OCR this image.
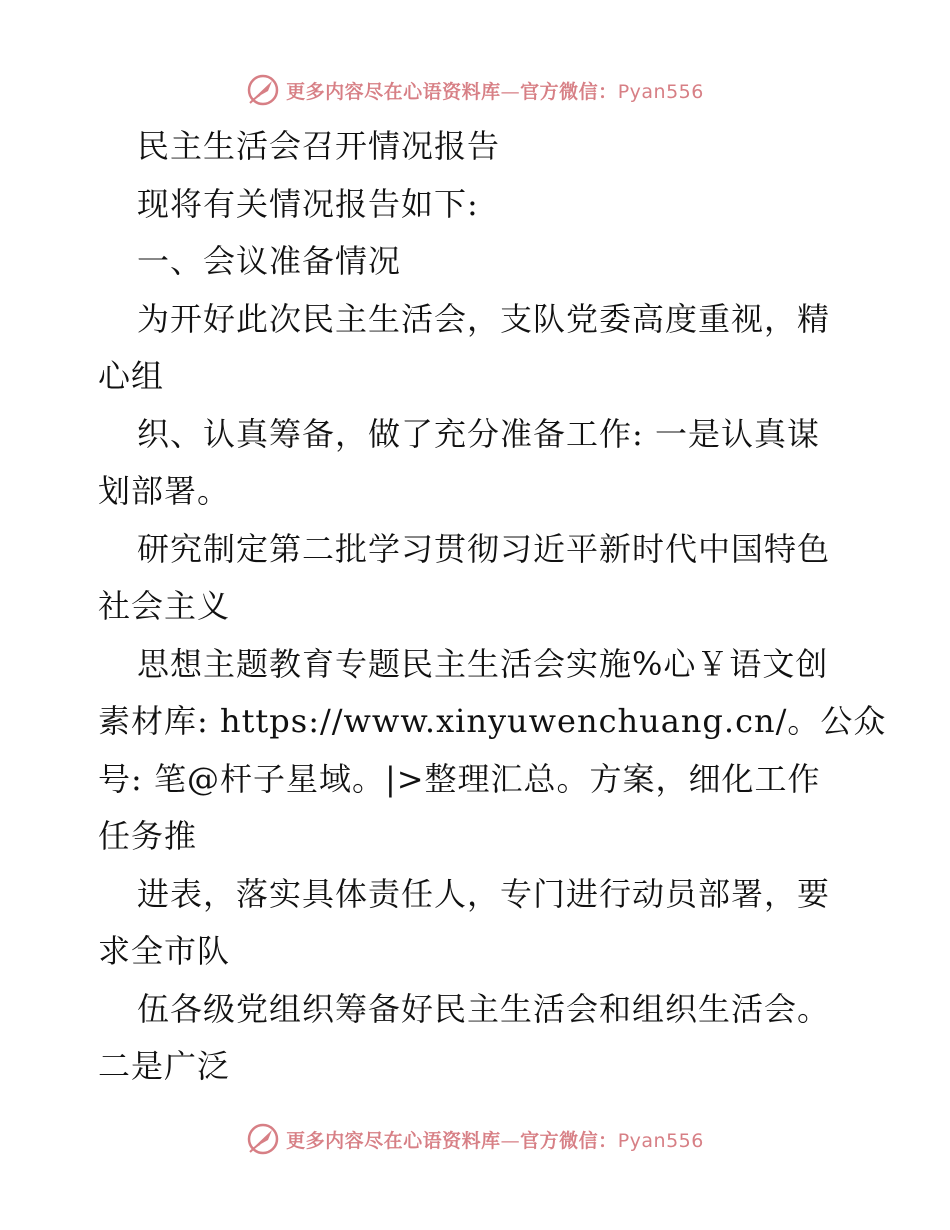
更多内容尽在心语资料库—官方微信：Pyan556
民主生活会召开情况报告
现将有关情况报告如下:
一、会议准备情况
为开好此次民主生活会，支队党委高度重视，精
心组
织、认真筹备，做了充分准备工作: 一是认真谋
划部署。
研究制定第二批学习贯彻习近平新时代中国特色
社会主义
思想主题教育专题民主生活会实施%心￥语文创
素材库: https://www.xinyuwenchuang.cn/。公众
号: 笔@杆子星域。|>整理汇总。方案，细化工作
任务推
进表，落实具体责任人，专门进行动员部署，要
求全市队
伍各级党组织筹备好民主生活会和组织生活会。
二是广泛
更多内容尽在心语资料库—官方微信：Pyan556
